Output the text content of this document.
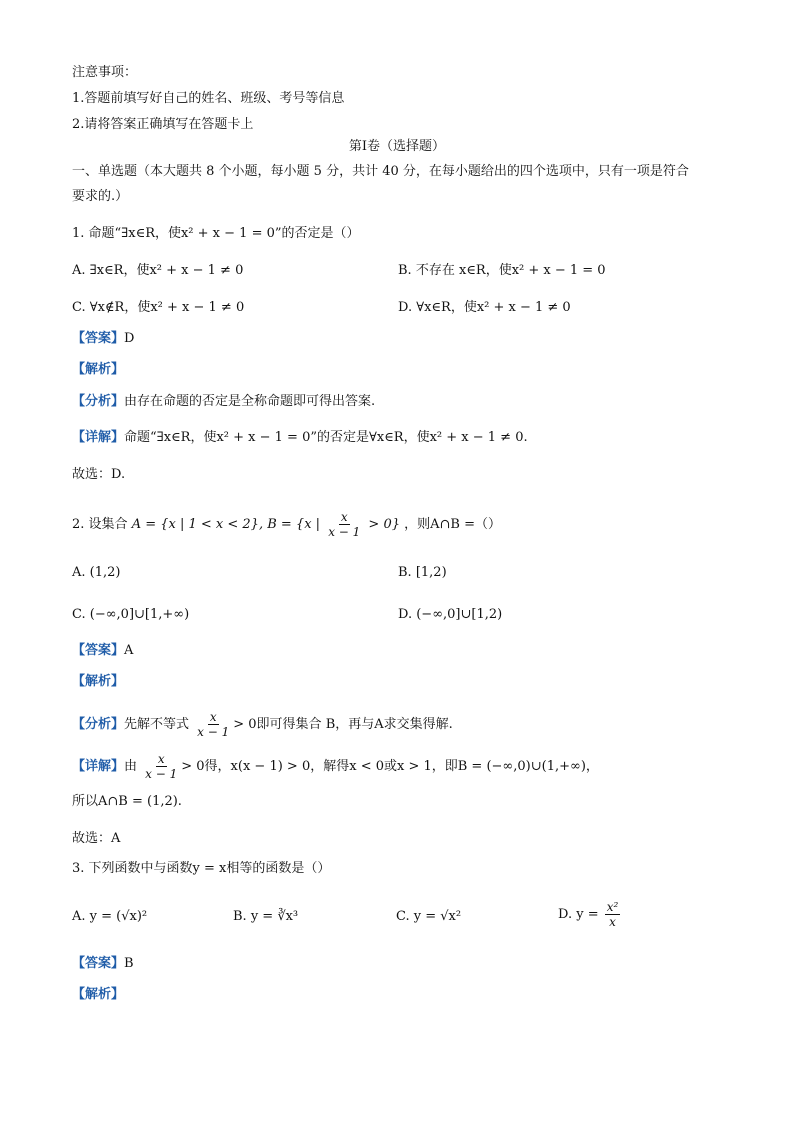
注意事项：
1.答题前填写好自己的姓名、班级、考号等信息
2.请将答案正确填写在答题卡上
第I卷（选择题）
一、单选题（本大题共 8 个小题，每小题 5 分，共计 40 分，在每小题给出的四个选项中，只有一项是符合
要求的.）
1. 命题“∃x∈R，使x² + x − 1 = 0”的否定是（）
A. ∃x∈R，使x² + x − 1 ≠ 0	B. 不存在 x∈R，使x² + x − 1 = 0
C. ∀x∉R，使x² + x − 1 ≠ 0	D. ∀x∈R，使x² + x − 1 ≠ 0
【答案】D
【解析】
【分析】由存在命题的否定是全称命题即可得出答案.
【详解】命题“∃x∈R，使x² + x − 1 = 0”的否定是∀x∈R，使x² + x − 1 ≠ 0.
故选：D.
2. 设集合 A = {x | 1 < x < 2}, B = {x | $\frac{x}{x - 1} > 0$} ，则A∩B =（）
A. (1,2)	B. [1,2)
C. (−∞,0]∪[1,+∞)	D. (−∞,0]∪[1,2)
【答案】A
【解析】
【分析】先解不等式 $\frac{x}{x - 1} > 0$即可得集合 B，再与A求交集得解.
【详解】由 $\frac{x}{x - 1} > 0$得，x(x − 1) > 0，解得x < 0或x > 1，即B = (−∞,0)∪(1,+∞)，
所以A∩B = (1,2).
故选：A
3. 下列函数中与函数y = x相等的函数是（）
A. y = (√x)²	B. y = ∛x³	C. y = √x²	D. $y = \frac{\text{x²}}{x}$
【答案】B
【解析】
